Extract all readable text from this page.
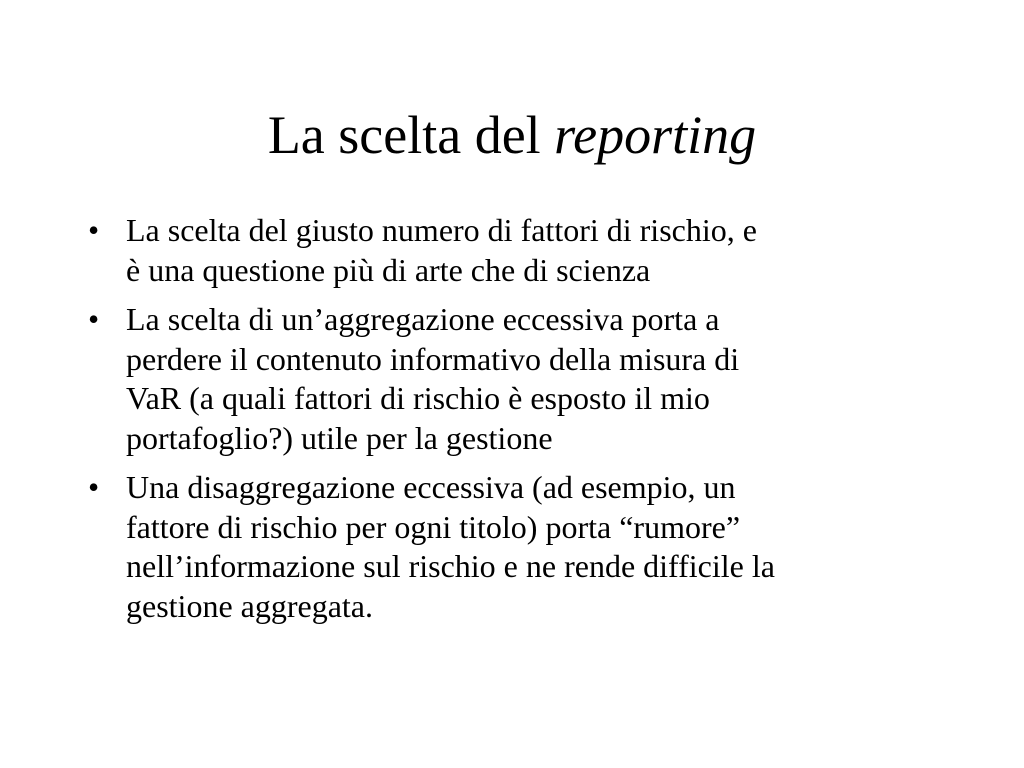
La scelta del reporting
• La scelta del giusto numero di fattori di rischio, e
è una questione più di arte che di scienza
• La scelta di un’aggregazione eccessiva porta a
perdere il contenuto informativo della misura di
VaR (a quali fattori di rischio è esposto il mio
portafoglio?) utile per la gestione
• Una disaggregazione eccessiva (ad esempio, un
fattore di rischio per ogni titolo) porta “rumore”
nell’informazione sul rischio e ne rende difficile la
gestione aggregata.
